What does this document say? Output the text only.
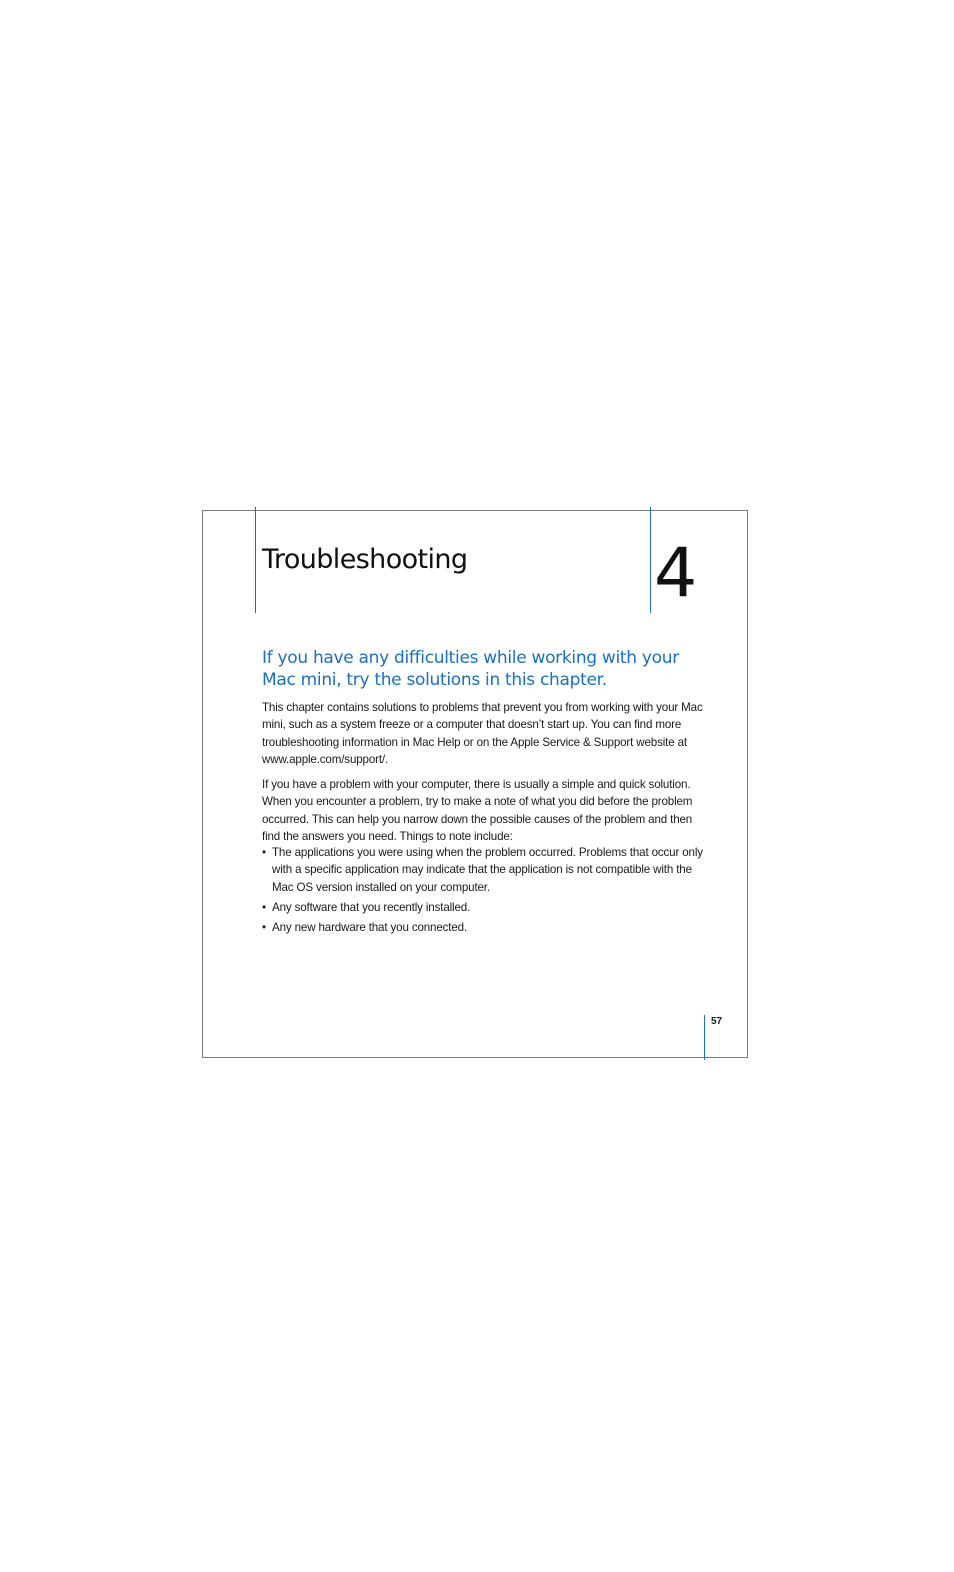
Troubleshooting	4
If you have any difficulties while working with your Mac mini, try the solutions in this chapter.

This chapter contains solutions to problems that prevent you from working with your Mac mini, such as a system freeze or a computer that doesn’t start up. You can find more troubleshooting information in Mac Help or on the Apple Service & Support website at www.apple.com/support/.

If you have a problem with your computer, there is usually a simple and quick solution. When you encounter a problem, try to make a note of what you did before the problem occurred. This can help you narrow down the possible causes of the problem and then find the answers you need. Things to note include:

• The applications you were using when the problem occurred. Problems that occur only with a specific application may indicate that the application is not compatible with the Mac OS version installed on your computer.
• Any software that you recently installed.
• Any new hardware that you connected.
57
